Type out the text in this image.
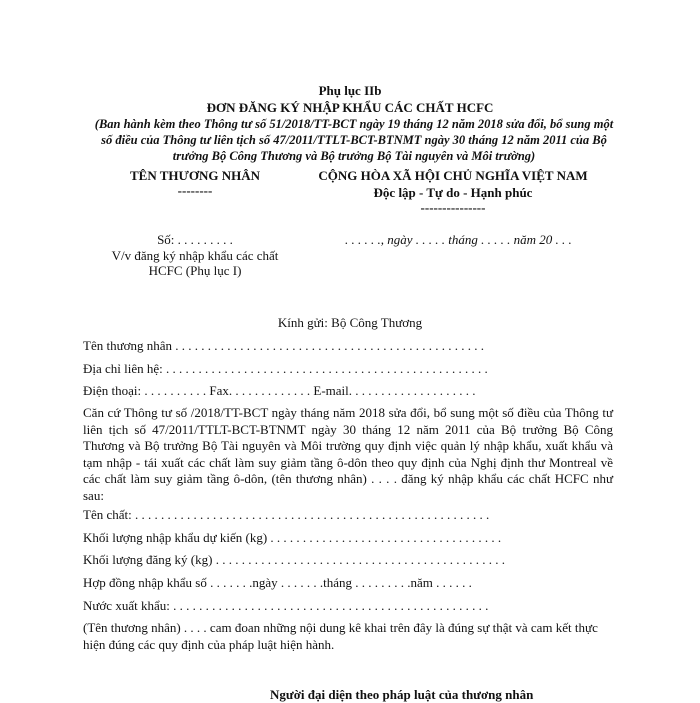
Phụ lục IIb
ĐƠN ĐĂNG KÝ NHẬP KHẨU CÁC CHẤT HCFC
(Ban hành kèm theo Thông tư số 51/2018/TT-BCT ngày 19 tháng 12 năm 2018 sửa đổi, bổ sung một số điều của Thông tư liên tịch số 47/2011/TTLT-BCT-BTNMT ngày 30 tháng 12 năm 2011 của Bộ trưởng Bộ Công Thương và Bộ trưởng Bộ Tài nguyên và Môi trường)
TÊN THƯƠNG NHÂN
--------
CỘNG HÒA XÃ HỘI CHỦ NGHĨA VIỆT NAM
Độc lập - Tự do - Hạnh phúc
---------------
Số: . . . . . . . . .
V/v đăng ký nhập khẩu các chất
HCFC (Phụ lục I)
. . . . . ., ngày . . . . . tháng . . . . . năm 20 . . .
Kính gửi: Bộ Công Thương
Tên thương nhân . . . . . . . . . . . . . . . . . . . . . . . . . . . . . . . . . . . . . . . . . . . . . . . .
Địa chỉ liên hệ: . . . . . . . . . . . . . . . . . . . . . . . . . . . . . . . . . . . . . . . . . . . . . . . . . .
Điện thoại: . . . . . . . . . . Fax. . . . . . . . . . . . . E-mail. . . . . . . . . . . . . . . . . . . .
Căn cứ Thông tư số /2018/TT-BCT ngày tháng năm 2018 sửa đổi, bổ sung một số điều của Thông tư liên tịch số 47/2011/TTLT-BCT-BTNMT ngày 30 tháng 12 năm 2011 của Bộ trưởng Bộ Công Thương và Bộ trưởng Bộ Tài nguyên và Môi trường quy định việc quản lý nhập khẩu, xuất khẩu và tạm nhập - tái xuất các chất làm suy giảm tầng ô-dôn theo quy định của Nghị định thư Montreal về các chất làm suy giảm tầng ô-dôn, (tên thương nhân) . . . . đăng ký nhập khẩu các chất HCFC như sau:
Tên chất: . . . . . . . . . . . . . . . . . . . . . . . . . . . . . . . . . . . . . . . . . . . . . . . . . . . . . . .
Khối lượng nhập khẩu dự kiến (kg) . . . . . . . . . . . . . . . . . . . . . . . . . . . . . . . . . . . .
Khối lượng đăng ký (kg) . . . . . . . . . . . . . . . . . . . . . . . . . . . . . . . . . . . . . . . . . . . . .
Hợp đồng nhập khẩu số . . . . . . .ngày . . . . . . .tháng . . . . . . . . .năm . . . . . .
Nước xuất khẩu: . . . . . . . . . . . . . . . . . . . . . . . . . . . . . . . . . . . . . . . . . . . . . . . . .
(Tên thương nhân) . . . . cam đoan những nội dung kê khai trên đây là đúng sự thật và cam kết thực hiện đúng các quy định của pháp luật hiện hành.
Người đại diện theo pháp luật của thương nhân
